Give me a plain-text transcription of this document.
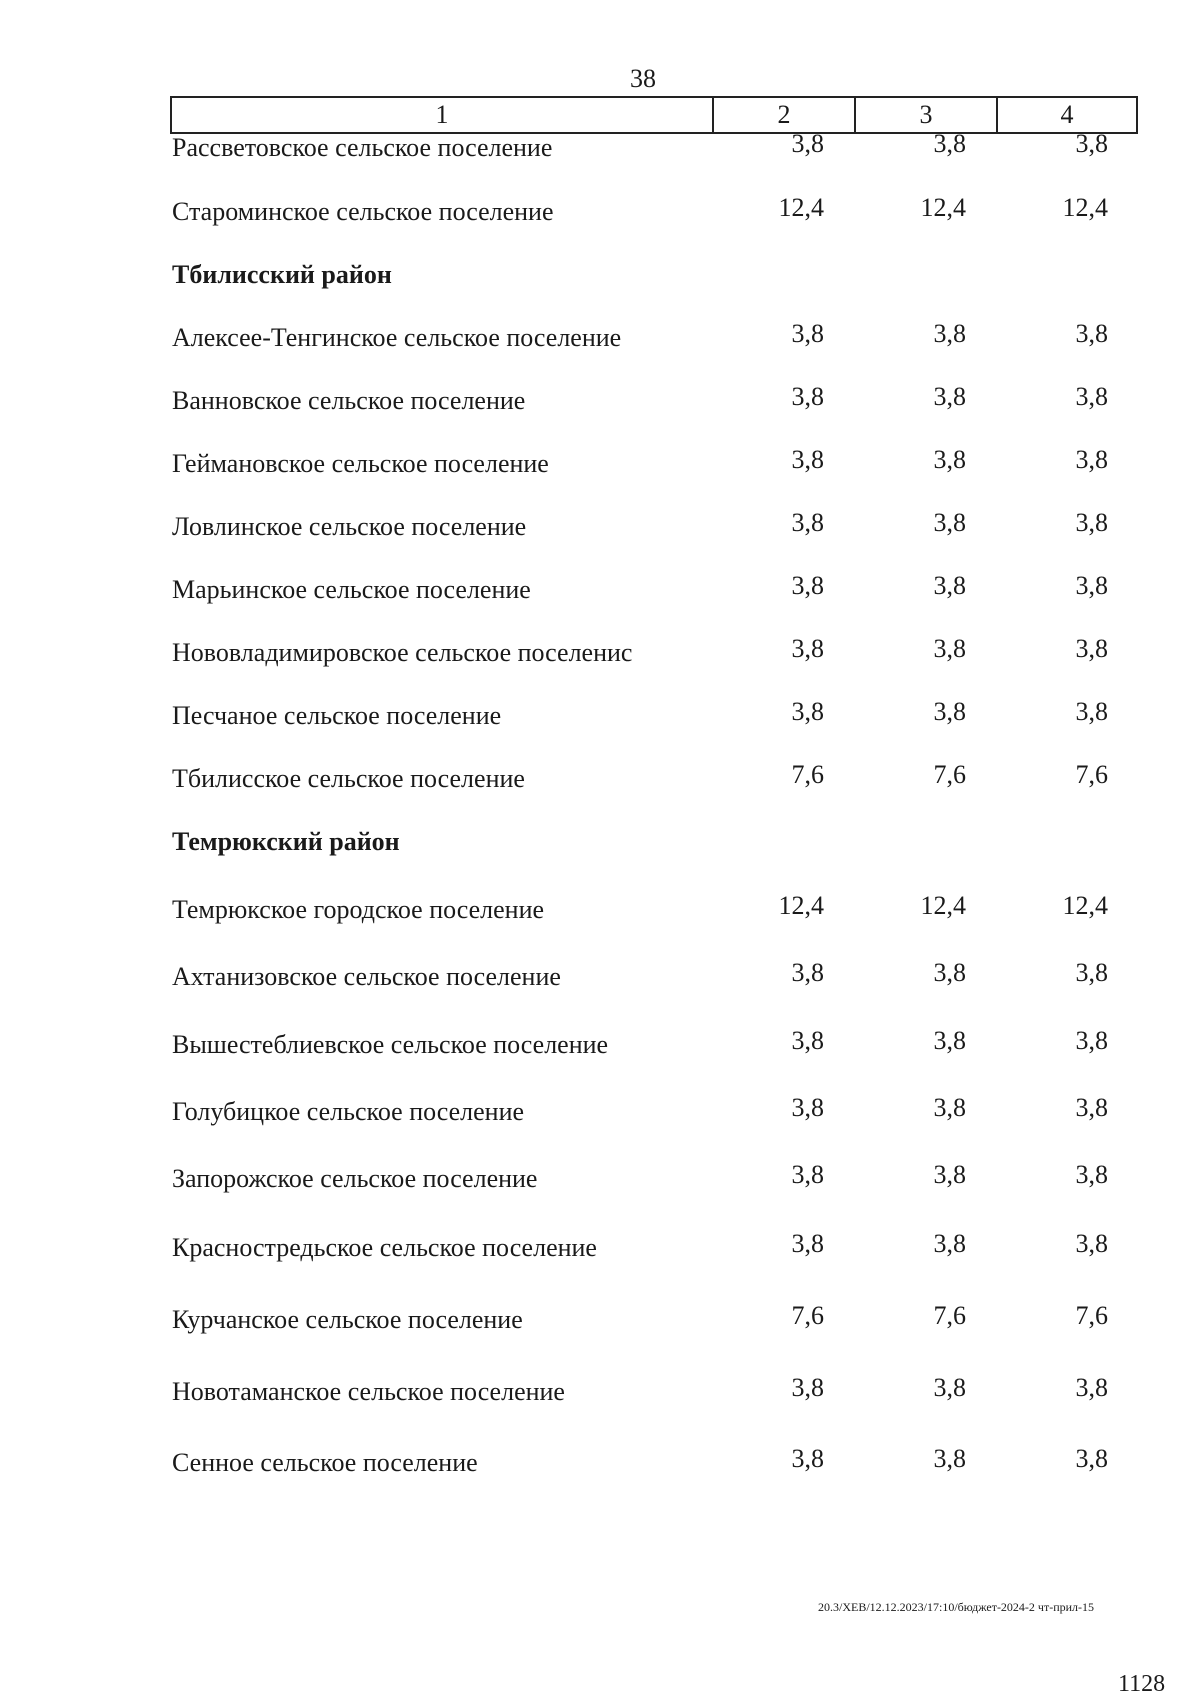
38
1	2	3	4
Рассветовское сельское поселение	3,8	3,8	3,8
Староминское сельское поселение	12,4	12,4	12,4
Тбилисский район
Алексее-Тенгинское сельское поселение	3,8	3,8	3,8
Ванновское сельское поселение	3,8	3,8	3,8
Геймановское сельское поселение	3,8	3,8	3,8
Ловлинское сельское поселение	3,8	3,8	3,8
Марьинское сельское поселение	3,8	3,8	3,8
Нововладимировское сельское поселенис	3,8	3,8	3,8
Песчаное сельское поселение	3,8	3,8	3,8
Тбилисское сельское поселение	7,6	7,6	7,6
Темрюкский район
Темрюкское городское поселение	12,4	12,4	12,4
Ахтанизовское сельское поселение	3,8	3,8	3,8
Вышестеблиевское сельское поселение	3,8	3,8	3,8
Голубицкое сельское поселение	3,8	3,8	3,8
Запорожское сельское поселение	3,8	3,8	3,8
Красностредьское сельское поселение	3,8	3,8	3,8
Курчанское сельское поселение	7,6	7,6	7,6
Новотаманское сельское поселение	3,8	3,8	3,8
Сенное сельское поселение	3,8	3,8	3,8
20.3/ХЕВ/12.12.2023/17:10/бюджет-2024-2 чт-прил-15
1128
